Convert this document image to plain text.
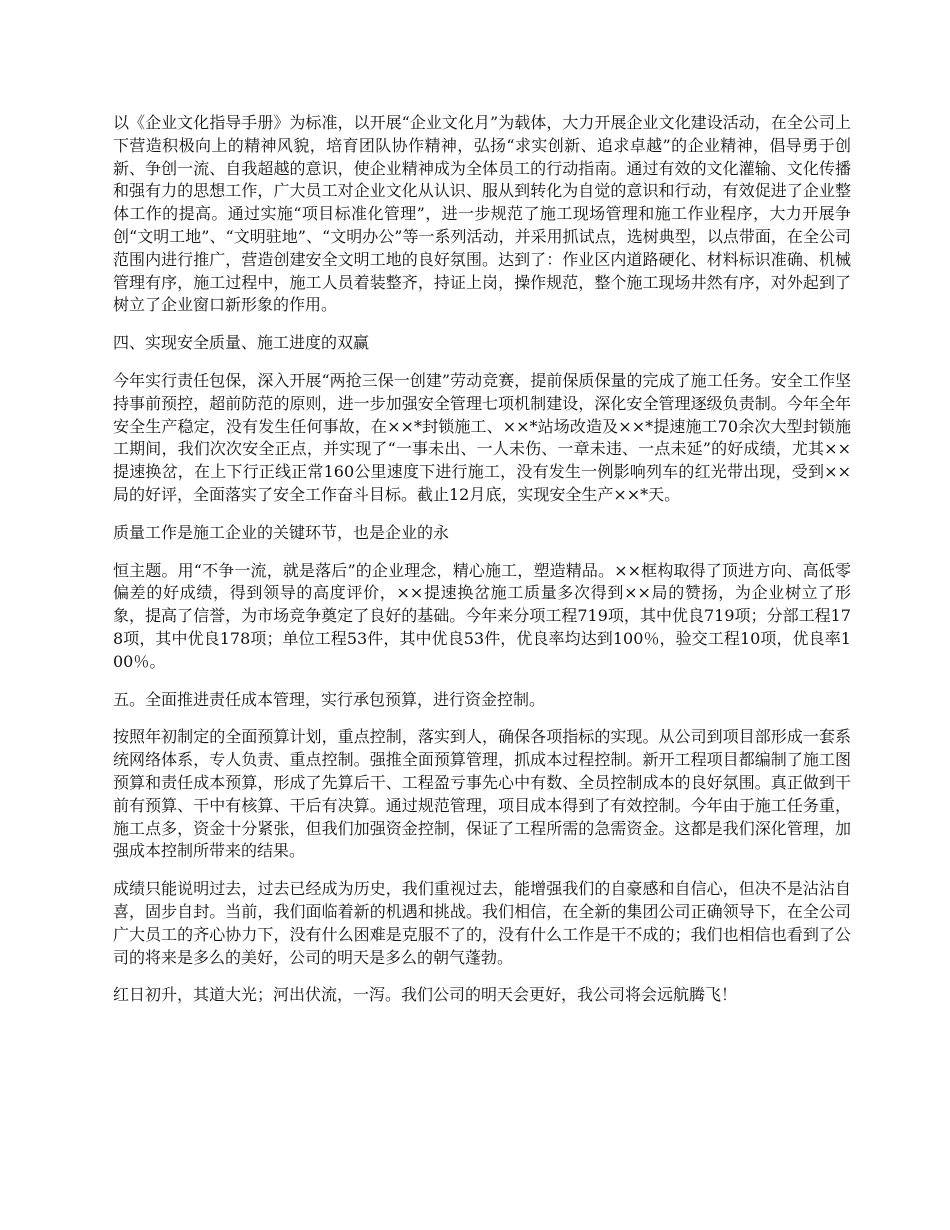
以《企业文化指导手册》为标准，以开展“企业文化月”为载体，大力开展企业文化建设活动，在全公司上下营造积极向上的精神风貌，培育团队协作精神，弘扬“求实创新、追求卓越”的企业精神，倡导勇于创新、争创一流、自我超越的意识，使企业精神成为全体员工的行动指南。通过有效的文化灌输、文化传播和强有力的思想工作，广大员工对企业文化从认识、服从到转化为自觉的意识和行动，有效促进了企业整体工作的提高。通过实施“项目标准化管理”，进一步规范了施工现场管理和施工作业程序，大力开展争创“文明工地”、“文明驻地”、“文明办公”等一系列活动，并采用抓试点，选树典型，以点带面，在全公司范围内进行推广，营造创建安全文明工地的良好氛围。达到了：作业区内道路硬化、材料标识准确、机械管理有序，施工过程中，施工人员着装整齐，持证上岗，操作规范，整个施工现场井然有序，对外起到了树立了企业窗口新形象的作用。

四、实现安全质量、施工进度的双赢

今年实行责任包保，深入开展“两抢三保一创建”劳动竞赛，提前保质保量的完成了施工任务。安全工作坚持事前预控，超前防范的原则，进一步加强安全管理七项机制建设，深化安全管理逐级负责制。今年全年安全生产稳定，没有发生任何事故，在××*封锁施工、××*站场改造及××*提速施工70余次大型封锁施工期间，我们次次安全正点，并实现了“一事未出、一人未伤、一章未违、一点未延”的好成绩，尤其××提速换岔，在上下行正线正常160公里速度下进行施工，没有发生一例影响列车的红光带出现，受到××局的好评，全面落实了安全工作奋斗目标。截止12月底，实现安全生产××*天。

质量工作是施工企业的关键环节，也是企业的永

恒主题。用“不争一流，就是落后”的企业理念，精心施工，塑造精品。××框构取得了顶进方向、高低零偏差的好成绩，得到领导的高度评价，××提速换岔施工质量多次得到××局的赞扬，为企业树立了形象，提高了信誉，为市场竞争奠定了良好的基础。今年来分项工程719项，其中优良719项；分部工程178项，其中优良178项；单位工程53件，其中优良53件，优良率均达到100％，验交工程10项，优良率100％。

五。全面推进责任成本管理，实行承包预算，进行资金控制。

按照年初制定的全面预算计划，重点控制，落实到人，确保各项指标的实现。从公司到项目部形成一套系统网络体系，专人负责、重点控制。强推全面预算管理，抓成本过程控制。新开工程项目都编制了施工图预算和责任成本预算，形成了先算后干、工程盈亏事先心中有数、全员控制成本的良好氛围。真正做到干前有预算、干中有核算、干后有决算。通过规范管理，项目成本得到了有效控制。今年由于施工任务重，施工点多，资金十分紧张，但我们加强资金控制，保证了工程所需的急需资金。这都是我们深化管理，加强成本控制所带来的结果。

成绩只能说明过去，过去已经成为历史，我们重视过去，能增强我们的自豪感和自信心，但决不是沾沾自喜，固步自封。当前，我们面临着新的机遇和挑战。我们相信，在全新的集团公司正确领导下，在全公司广大员工的齐心协力下，没有什么困难是克服不了的，没有什么工作是干不成的；我们也相信也看到了公司的将来是多么的美好，公司的明天是多么的朝气蓬勃。

红日初升，其道大光；河出伏流，一泻。我们公司的明天会更好，我公司将会远航腾飞！
